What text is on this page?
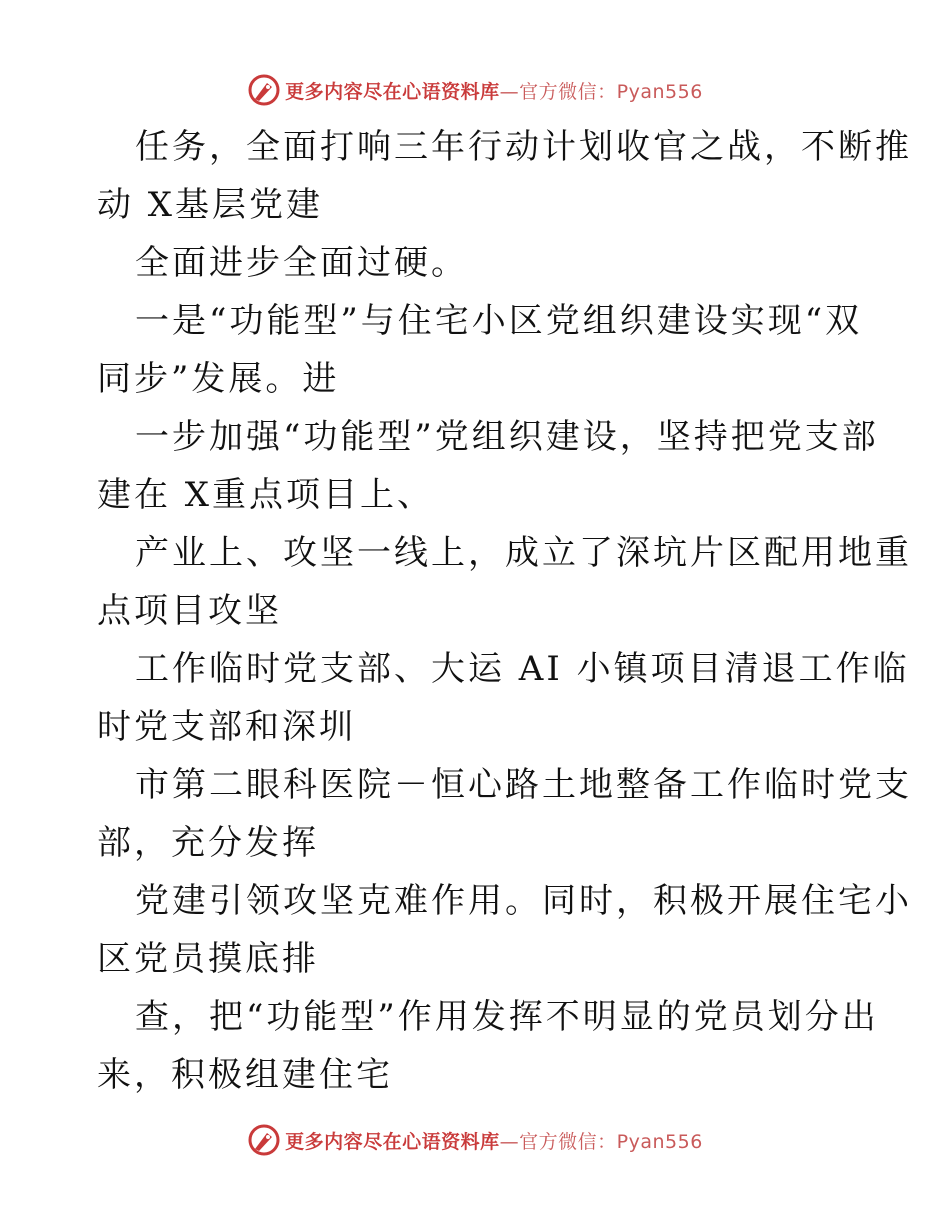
更多内容尽在心语资料库—官方微信：Pyan556
任务，全面打响三年行动计划收官之战，不断推
动 X基层党建
全面进步全面过硬。
一是“功能型”与住宅小区党组织建设实现“双
同步”发展。进
一步加强“功能型”党组织建设，坚持把党支部
建在 X重点项目上、
产业上、攻坚一线上，成立了深坑片区配用地重
点项目攻坚
工作临时党支部、大运 AI 小镇项目清退工作临
时党支部和深圳
市第二眼科医院－恒心路土地整备工作临时党支
部，充分发挥
党建引领攻坚克难作用。同时，积极开展住宅小
区党员摸底排
查，把“功能型”作用发挥不明显的党员划分出
来，积极组建住宅
更多内容尽在心语资料库—官方微信：Pyan556
